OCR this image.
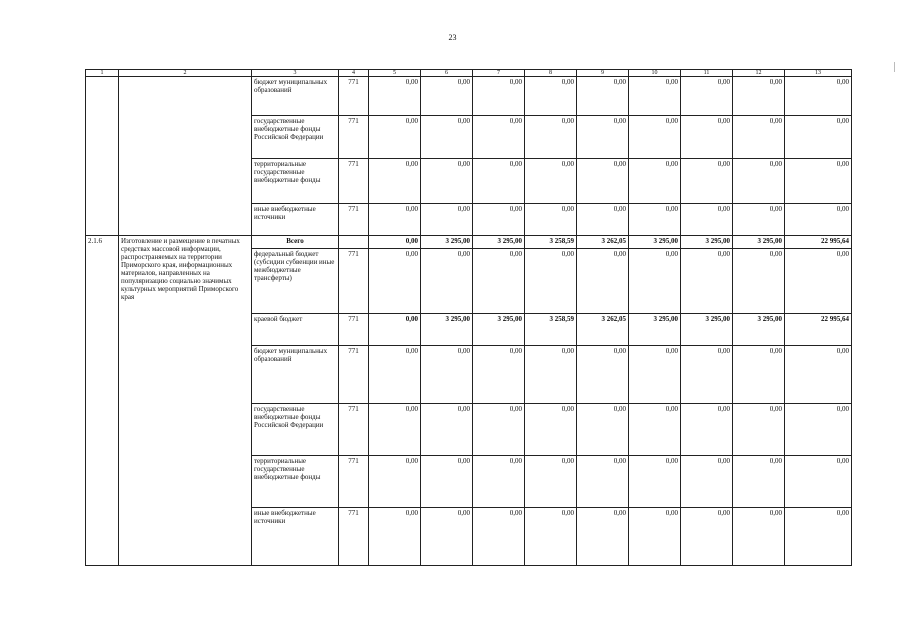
23
1	2	3	4	5	6	7	8	9	10	11	12	13
		бюджет муниципальных образований	771	0,00	0,00	0,00	0,00	0,00	0,00	0,00	0,00	0,00
		государственные внебюджетные фонды Российской Федерации	771	0,00	0,00	0,00	0,00	0,00	0,00	0,00	0,00	0,00
		территориальные государственные внебюджетные фонды	771	0,00	0,00	0,00	0,00	0,00	0,00	0,00	0,00	0,00
		иные внебюджетные источники	771	0,00	0,00	0,00	0,00	0,00	0,00	0,00	0,00	0,00
2.1.6	Изготовление и размещение в печатных средствах массовой информации, распространяемых на территории Приморского края, информационных материалов, направленных на популяризацию социально значимых культурных мероприятий Приморского края	Всего		0,00	3 295,00	3 295,00	3 258,59	3 262,05	3 295,00	3 295,00	3 295,00	22 995,64
		федеральный бюджет (субсидии субвенции иные межбюджетные трансферты)	771	0,00	0,00	0,00	0,00	0,00	0,00	0,00	0,00	0,00
		краевой бюджет	771	0,00	3 295,00	3 295,00	3 258,59	3 262,05	3 295,00	3 295,00	3 295,00	22 995,64
		бюджет муниципальных образований	771	0,00	0,00	0,00	0,00	0,00	0,00	0,00	0,00	0,00
		государственные внебюджетные фонды Российской Федерации	771	0,00	0,00	0,00	0,00	0,00	0,00	0,00	0,00	0,00
		территориальные государственные внебюджетные фонды	771	0,00	0,00	0,00	0,00	0,00	0,00	0,00	0,00	0,00
		иные внебюджетные источники	771	0,00	0,00	0,00	0,00	0,00	0,00	0,00	0,00	0,00
